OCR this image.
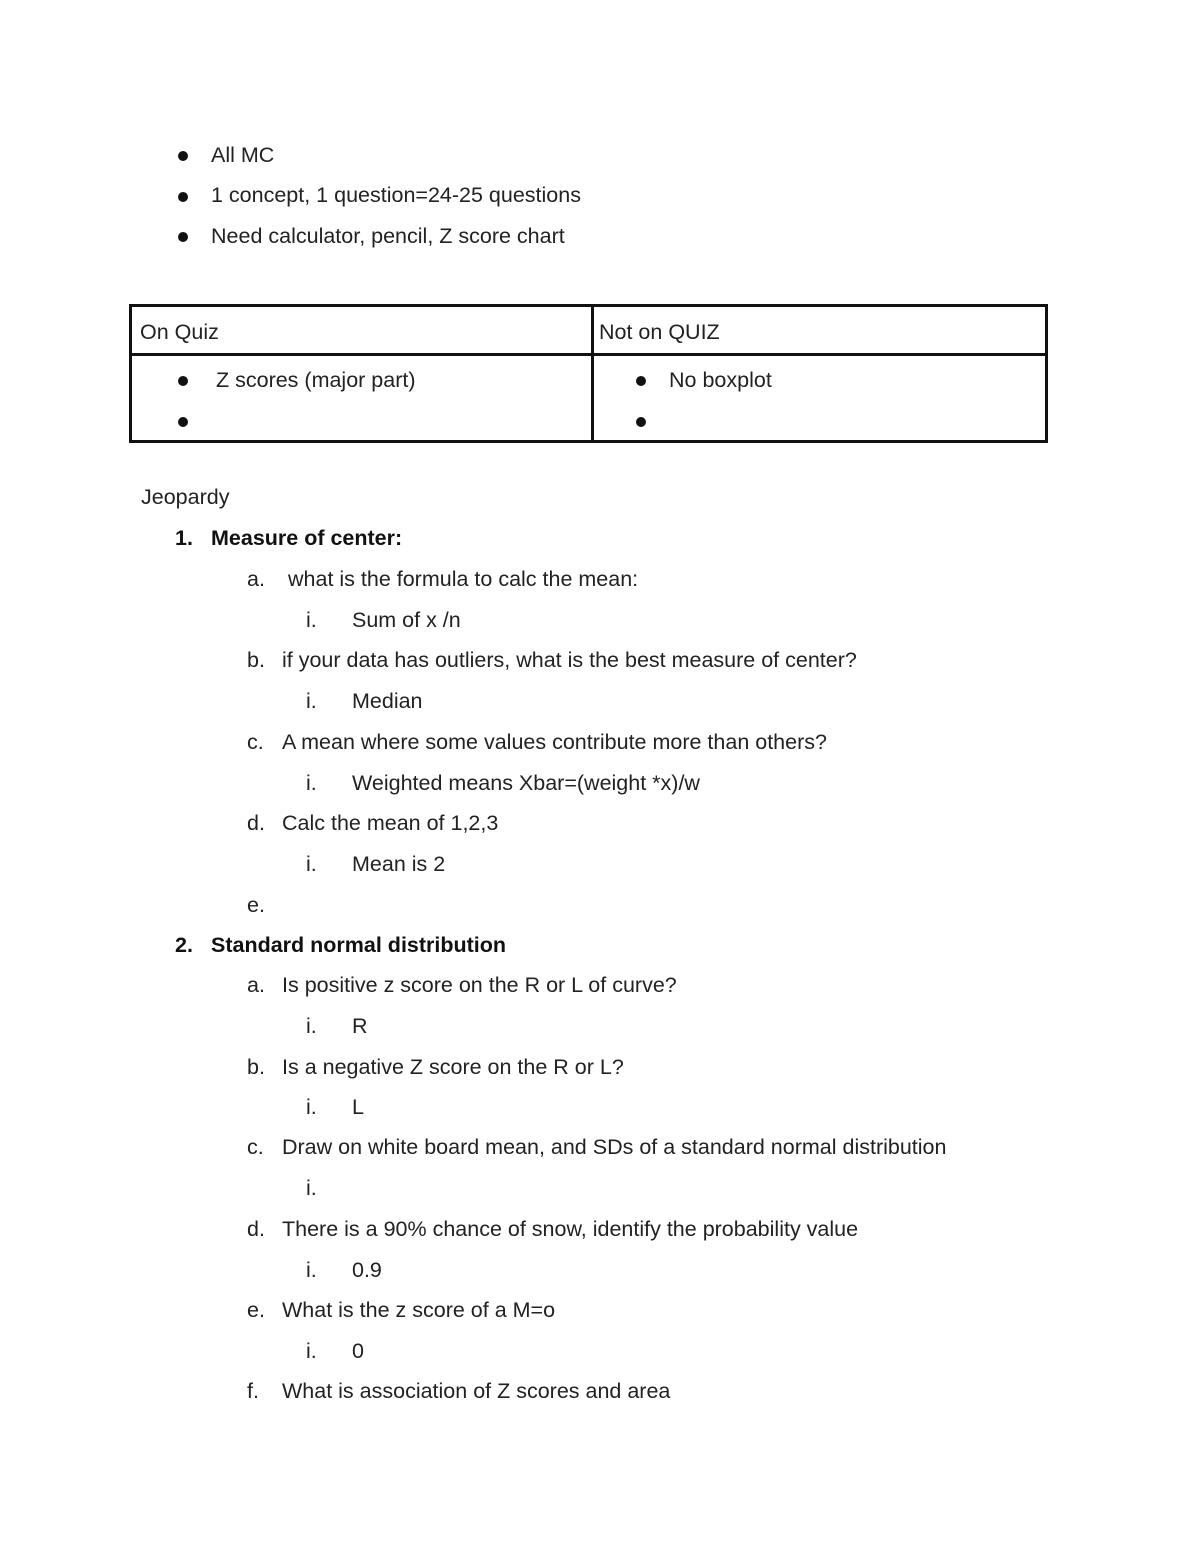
All MC
1 concept, 1 question=24-25 questions
Need calculator, pencil, Z score chart
On Quiz	Not on QUIZ
Z scores (major part)	No boxplot
Jeopardy
1. Measure of center:
a. what is the formula to calc the mean:
i. Sum of x /n
b. if your data has outliers, what is the best measure of center?
i. Median
c. A mean where some values contribute more than others?
i. Weighted means Xbar=(weight *x)/w
d. Calc the mean of 1,2,3
i. Mean is 2
e.
2. Standard normal distribution
a. Is positive z score on the R or L of curve?
i. R
b. Is a negative Z score on the R or L?
i. L
c. Draw on white board mean, and SDs of a standard normal distribution
i.
d. There is a 90% chance of snow, identify the probability value
i. 0.9
e. What is the z score of a M=o
i. 0
f. What is association of Z scores and area
